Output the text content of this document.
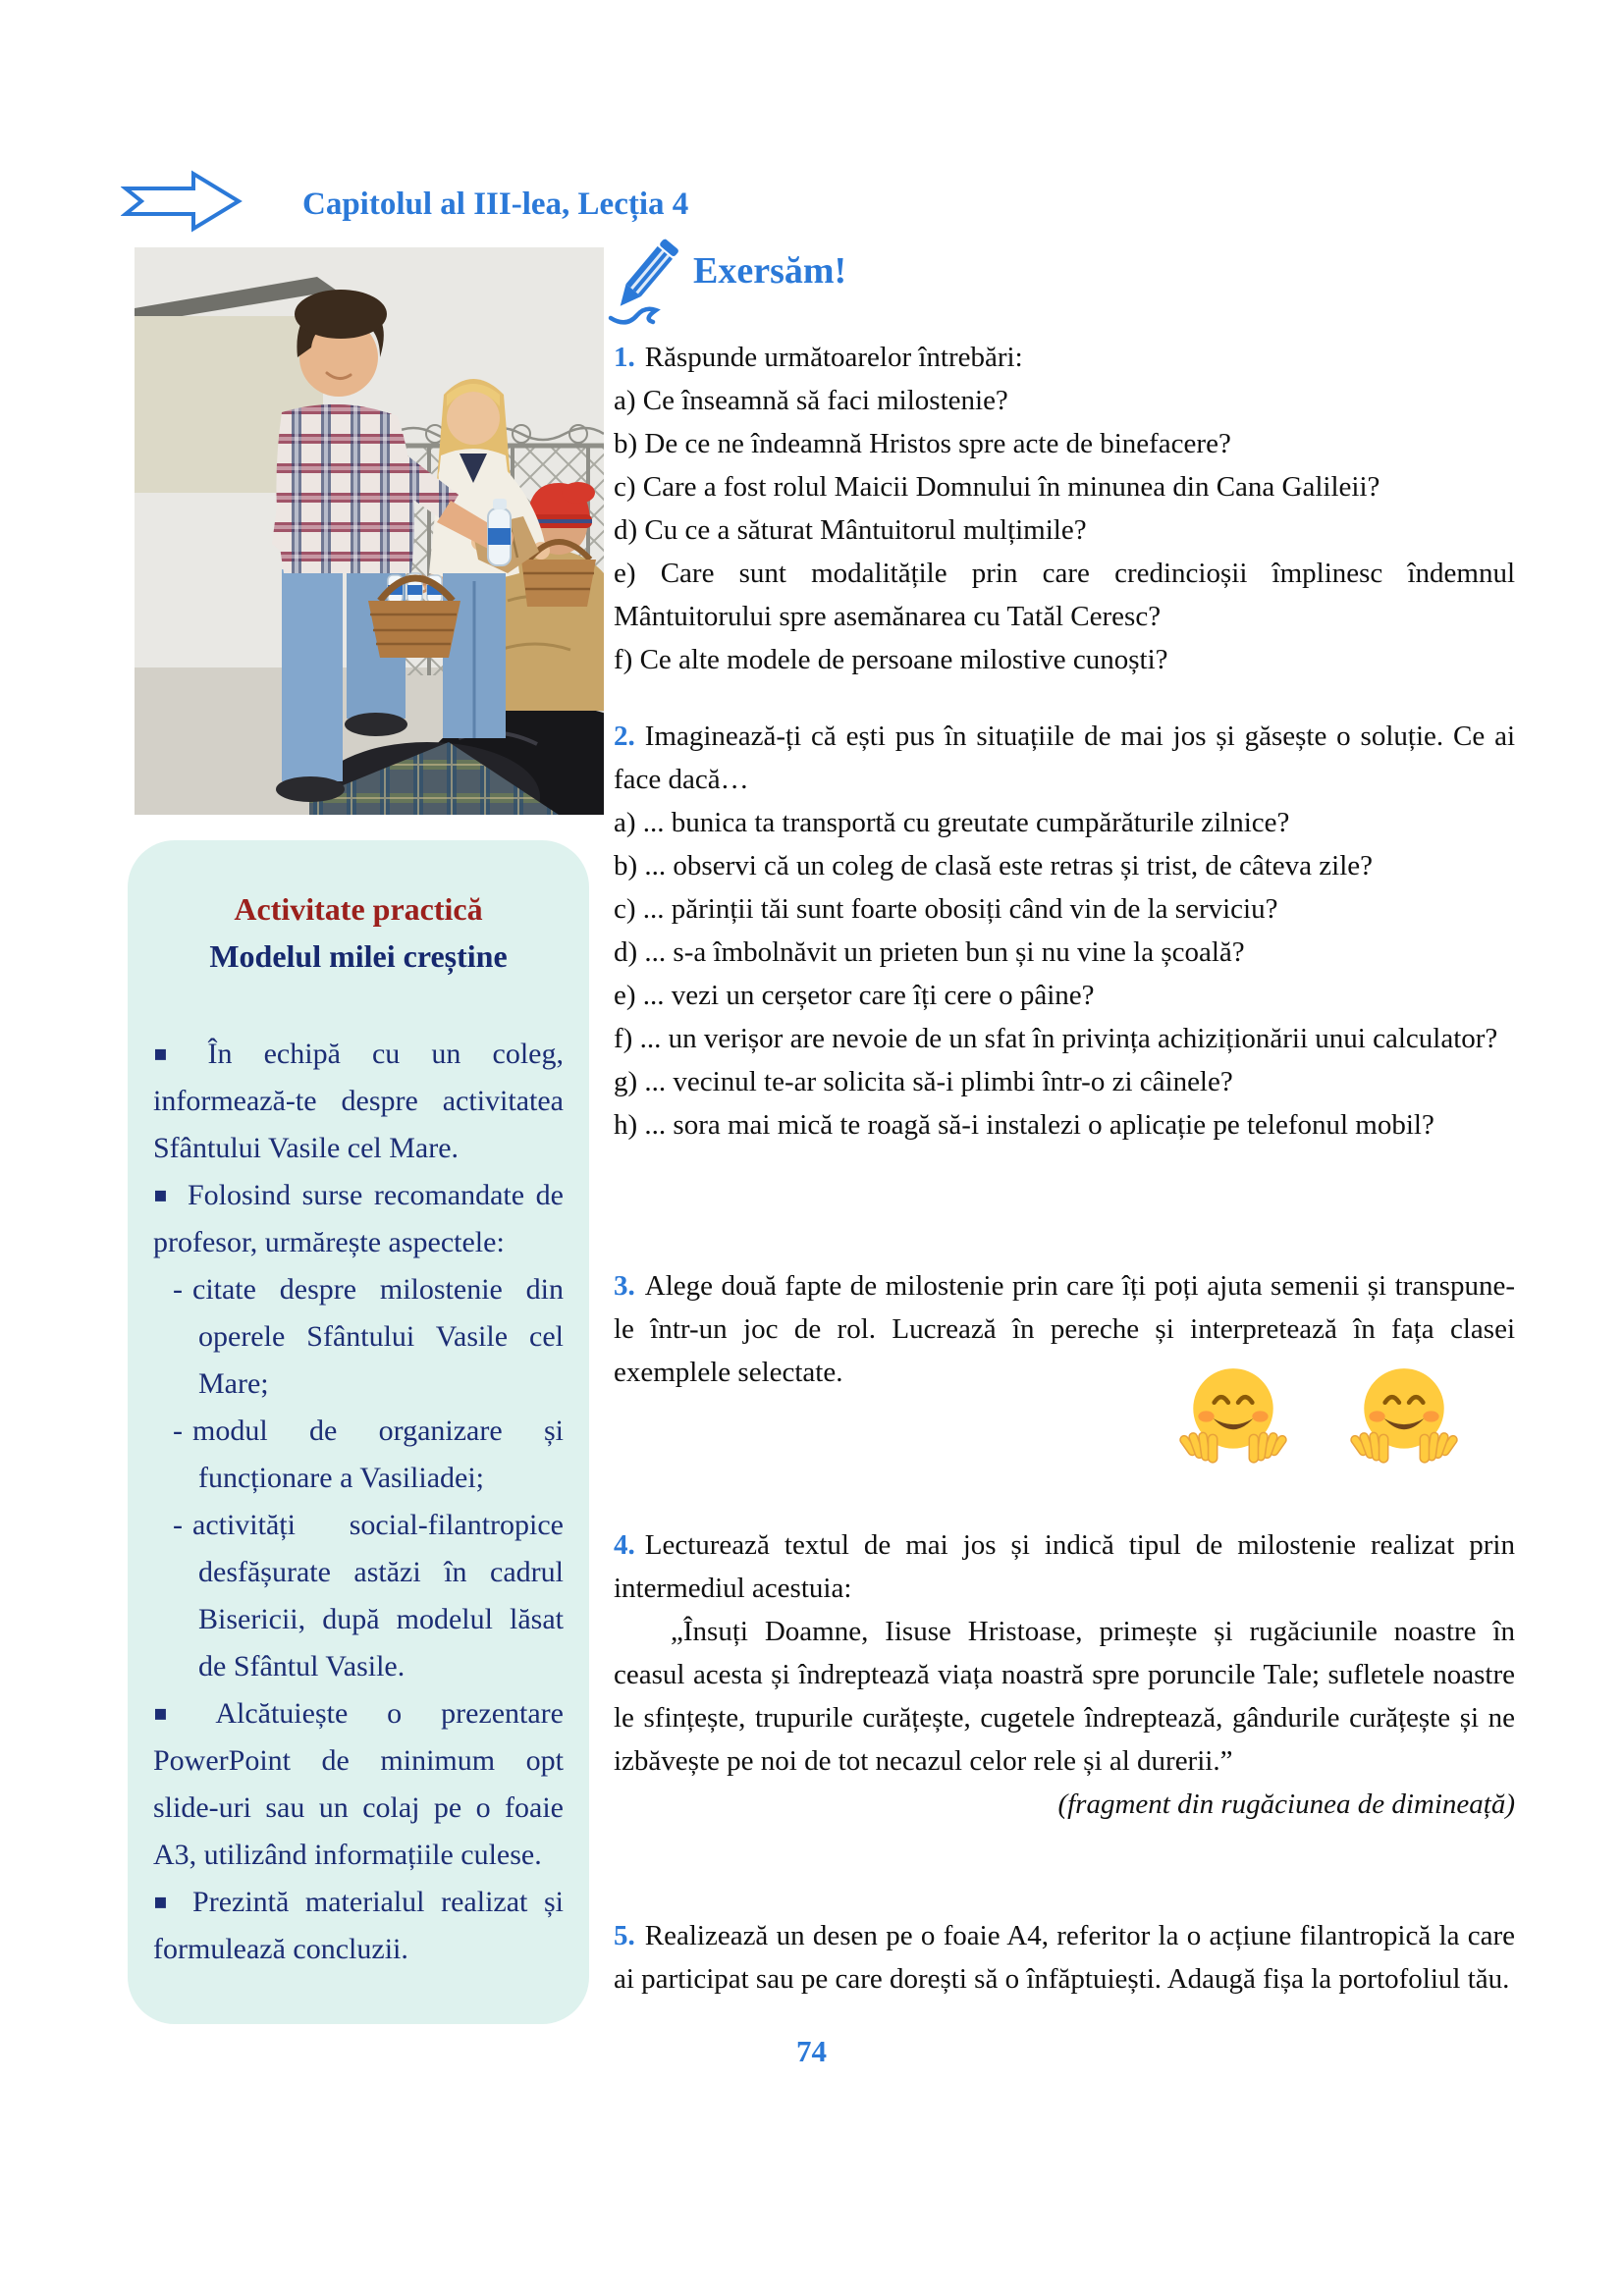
Capitolul al III-lea, Lecția 4
Exersăm!
Activitate practică
Modelul milei creștine

▪ În echipă cu un coleg, informează-te despre activitatea Sfântului Vasile cel Mare.

▪ Folosind surse recomandate de profesor, urmărește aspectele:

- citate despre milostenie din operele Sfântului Vasile cel Mare;

- modul de organizare și funcționare a Vasiliadei;

- activități social-filantropice desfășurate astăzi în cadrul Bisericii, după modelul lăsat de Sfântul Vasile.

▪ Alcătuiește o prezentare PowerPoint de minimum opt slide-uri sau un colaj pe o foaie A3, utilizând informațiile culese.

▪ Prezintă materialul realizat și formulează concluzii.

1. Răspunde următoarelor întrebări:

a) Ce înseamnă să faci milostenie?

b) De ce ne îndeamnă Hristos spre acte de binefacere?

c) Care a fost rolul Maicii Domnului în minunea din Cana Galileii?

d) Cu ce a săturat Mântuitorul mulțimile?

e) Care sunt modalitățile prin care credincioșii împlinesc îndemnul Mântuitorului spre asemănarea cu Tatăl Ceresc?

f) Ce alte modele de persoane milostive cunoști?

2. Imaginează-ți că ești pus în situațiile de mai jos și găsește o soluție. Ce ai face dacă…

a) ... bunica ta transportă cu greutate cumpărăturile zilnice?

b) ... observi că un coleg de clasă este retras și trist, de câteva zile?

c) ... părinții tăi sunt foarte obosiți când vin de la serviciu?

d) ... s-a îmbolnăvit un prieten bun și nu vine la școală?

e) ... vezi un cerșetor care îți cere o pâine?

f) ... un verișor are nevoie de un sfat în privința achiziționării unui calculator?

g) ... vecinul te-ar solicita să-i plimbi într-o zi câinele?

h) ... sora mai mică te roagă să-i instalezi o aplicație pe telefonul mobil?

3. Alege două fapte de milostenie prin care îți poți ajuta semenii și transpune-le într-un joc de rol. Lucrează în pereche și interpretează în fața clasei exemplele selectate.

4. Lecturează textul de mai jos și indică tipul de milostenie realizat prin intermediul acestuia:

„Însuți Doamne, Iisuse Hristoase, primește și rugăciunile noastre în ceasul acesta și îndreptează viața noastră spre poruncile Tale; sufletele noastre le sfințește, trupurile curățește, cugetele îndreptează, gândurile curățește și ne izbăvește pe noi de tot necazul celor rele și al durerii.”

(fragment din rugăciunea de dimineață)

5. Realizează un desen pe o foaie A4, referitor la o acțiune filantropică la care ai participat sau pe care dorești să o înfăptuiești. Adaugă fișa la portofoliul tău.

74
